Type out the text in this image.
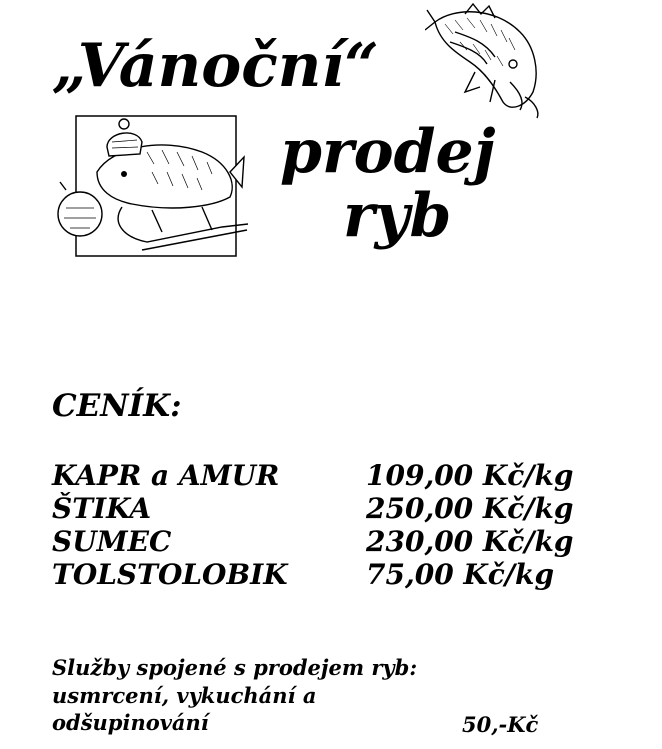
„Vánoční“
prodej
ryb
CENÍK:
KAPR a AMUR	109,00 Kč/kg
ŠTIKA	250,00 Kč/kg
SUMEC	230,00 Kč/kg
TOLSTOLOBIK	75,00 Kč/kg
Služby spojené s prodejem ryb:
usmrcení, vykuchání a
odšupinování	50,-Kč
